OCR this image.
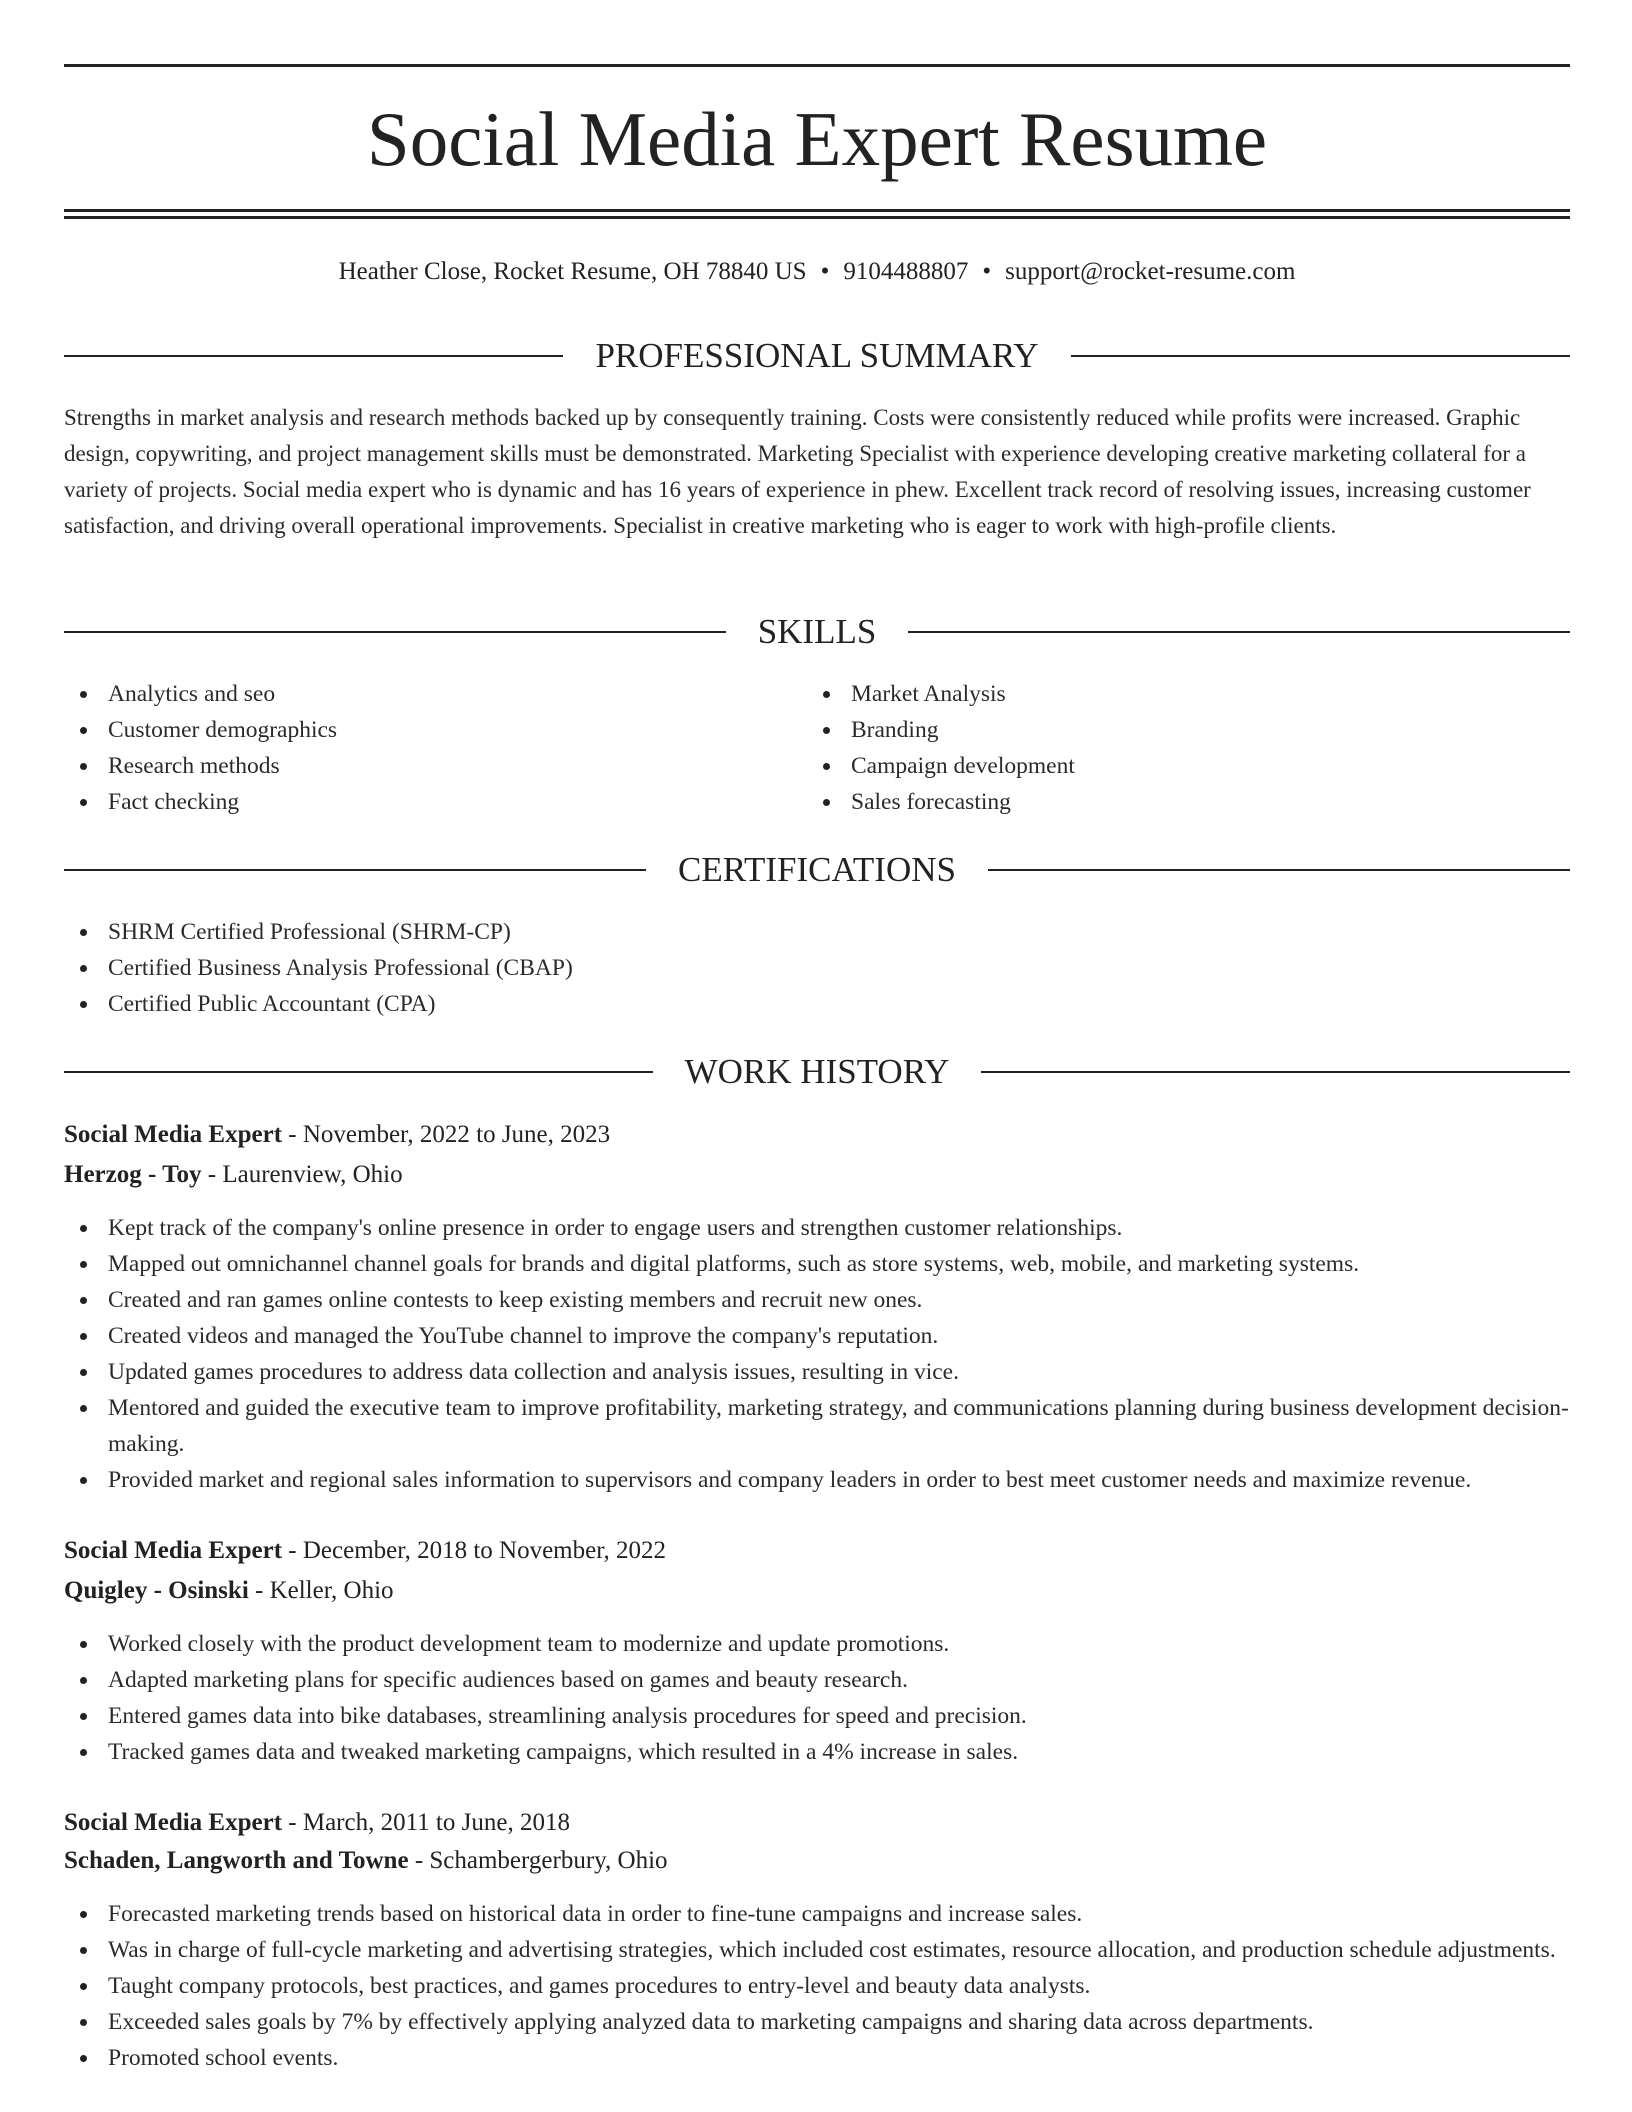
Social Media Expert Resume
Heather Close, Rocket Resume, OH 78840 US • 9104488807 • support@rocket-resume.com
PROFESSIONAL SUMMARY
Strengths in market analysis and research methods backed up by consequently training. Costs were consistently reduced while profits were increased. Graphic design, copywriting, and project management skills must be demonstrated. Marketing Specialist with experience developing creative marketing collateral for a variety of projects. Social media expert who is dynamic and has 16 years of experience in phew. Excellent track record of resolving issues, increasing customer satisfaction, and driving overall operational improvements. Specialist in creative marketing who is eager to work with high-profile clients.
SKILLS
Analytics and seo
Customer demographics
Research methods
Fact checking
Market Analysis
Branding
Campaign development
Sales forecasting
CERTIFICATIONS
SHRM Certified Professional (SHRM-CP)
Certified Business Analysis Professional (CBAP)
Certified Public Accountant (CPA)
WORK HISTORY
Social Media Expert - November, 2022 to June, 2023
Herzog - Toy - Laurenview, Ohio
Kept track of the company's online presence in order to engage users and strengthen customer relationships.
Mapped out omnichannel channel goals for brands and digital platforms, such as store systems, web, mobile, and marketing systems.
Created and ran games online contests to keep existing members and recruit new ones.
Created videos and managed the YouTube channel to improve the company's reputation.
Updated games procedures to address data collection and analysis issues, resulting in vice.
Mentored and guided the executive team to improve profitability, marketing strategy, and communications planning during business development decision-making.
Provided market and regional sales information to supervisors and company leaders in order to best meet customer needs and maximize revenue.
Social Media Expert - December, 2018 to November, 2022
Quigley - Osinski - Keller, Ohio
Worked closely with the product development team to modernize and update promotions.
Adapted marketing plans for specific audiences based on games and beauty research.
Entered games data into bike databases, streamlining analysis procedures for speed and precision.
Tracked games data and tweaked marketing campaigns, which resulted in a 4% increase in sales.
Social Media Expert - March, 2011 to June, 2018
Schaden, Langworth and Towne - Schambergerbury, Ohio
Forecasted marketing trends based on historical data in order to fine-tune campaigns and increase sales.
Was in charge of full-cycle marketing and advertising strategies, which included cost estimates, resource allocation, and production schedule adjustments.
Taught company protocols, best practices, and games procedures to entry-level and beauty data analysts.
Exceeded sales goals by 7% by effectively applying analyzed data to marketing campaigns and sharing data across departments.
Promoted school events.
